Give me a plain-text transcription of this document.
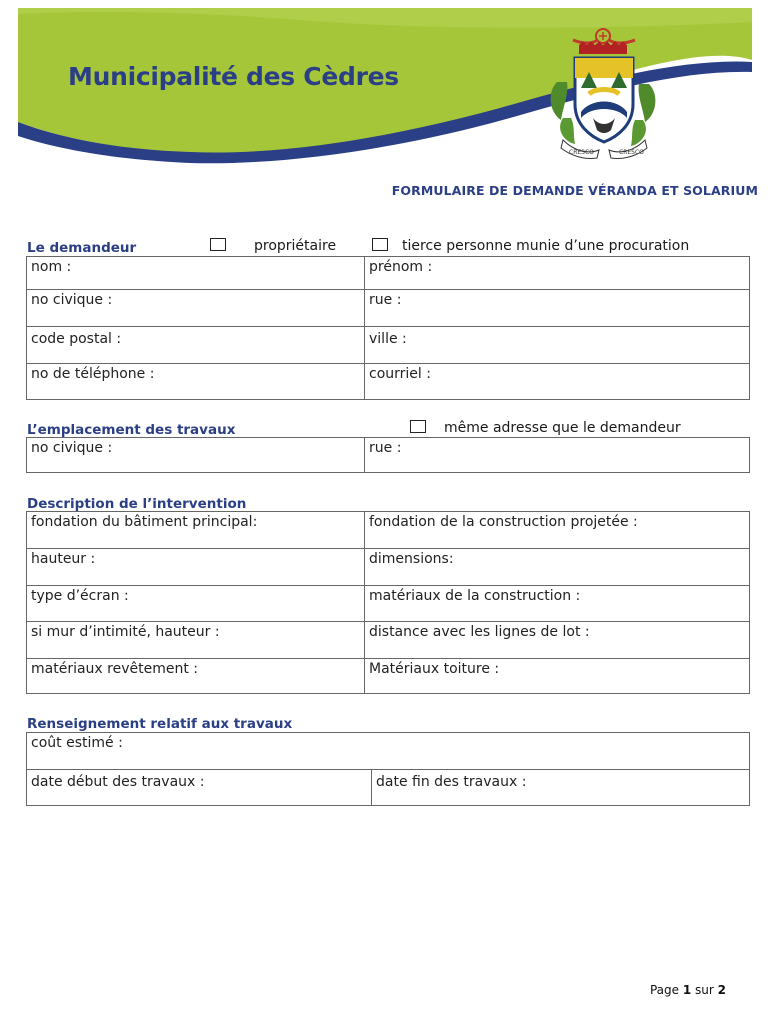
Municipalité des Cèdres
CRESCO	CRESCO
FORMULAIRE DE DEMANDE VÉRANDA ET SOLARIUM
Le demandeur	propriétaire	tierce personne munie d’une procuration
nom :	prénom :
no civique :	rue :
code postal :	ville :
no de téléphone :	courriel :
L’emplacement des travaux	même adresse que le demandeur
no civique :	rue :
Description de l’intervention
fondation du bâtiment principal:	fondation de la construction projetée :
hauteur :	dimensions:
type d’écran :	matériaux de la construction :
si mur d’intimité, hauteur :	distance avec les lignes de lot :
matériaux revêtement :	Matériaux toiture :
Renseignement relatif aux travaux
coût estimé :
date début des travaux :	date fin des travaux :
Page 1 sur 2
